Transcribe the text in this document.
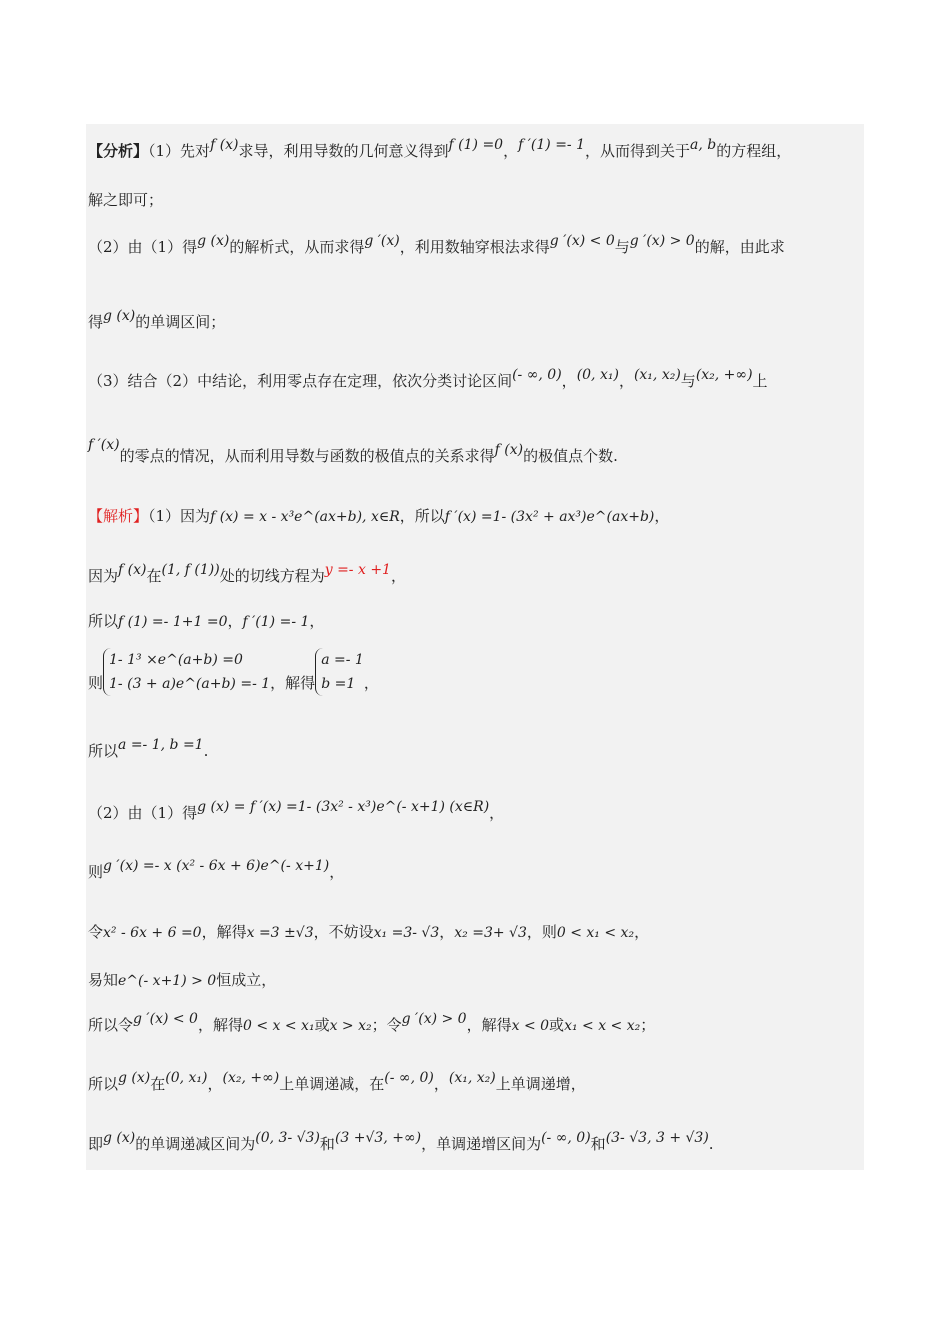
【分析】（1）先对f (x)求导，利用导数的几何意义得到f (1) =0，f ′(1) =- 1，从而得到关于a, b的方程组，
解之即可；
（2）由（1）得g (x)的解析式，从而求得g ′(x)，利用数轴穿根法求得g ′(x) < 0与g ′(x) > 0的解，由此求
得g (x)的单调区间；
（3）结合（2）中结论，利用零点存在定理，依次分类讨论区间(- ∞, 0)，(0, x₁)，(x₁, x₂)与(x₂, +∞)上
f ′(x)的零点的情况，从而利用导数与函数的极值点的关系求得f (x)的极值点个数.
【解析】（1）因为f (x) = x - x³e^(ax+b), x∈R，所以f ′(x) =1- (3x² + ax³)e^(ax+b)，
因为f (x)在(1, f (1))处的切线方程为y =- x +1，
所以f (1) =- 1+1 =0，f ′(1) =- 1，
则
1- 1³ ×e^(a+b) =0
1- (3 + a)e^(a+b) =- 1 ，解得
a =- 1
b =1 ，
所以a =- 1, b =1.
（2）由（1）得g (x) = f ′(x) =1- (3x² - x³)e^(- x+1) (x∈R)，
则g ′(x) =- x (x² - 6x + 6)e^(- x+1)，
令x² - 6x + 6 =0，解得x =3 ±√3，不妨设x₁ =3- √3，x₂ =3+ √3，则0 < x₁ < x₂，
易知e^(- x+1) > 0恒成立，
所以令g ′(x) < 0，解得0 < x < x₁或x > x₂；令g ′(x) > 0，解得x < 0或x₁ < x < x₂；
所以g (x)在(0, x₁)，(x₂, +∞)上单调递减，在(- ∞, 0)，(x₁, x₂)上单调递增，
即g (x)的单调递减区间为(0, 3- √3)和(3 +√3, +∞)，单调递增区间为(- ∞, 0)和(3- √3, 3 + √3).
